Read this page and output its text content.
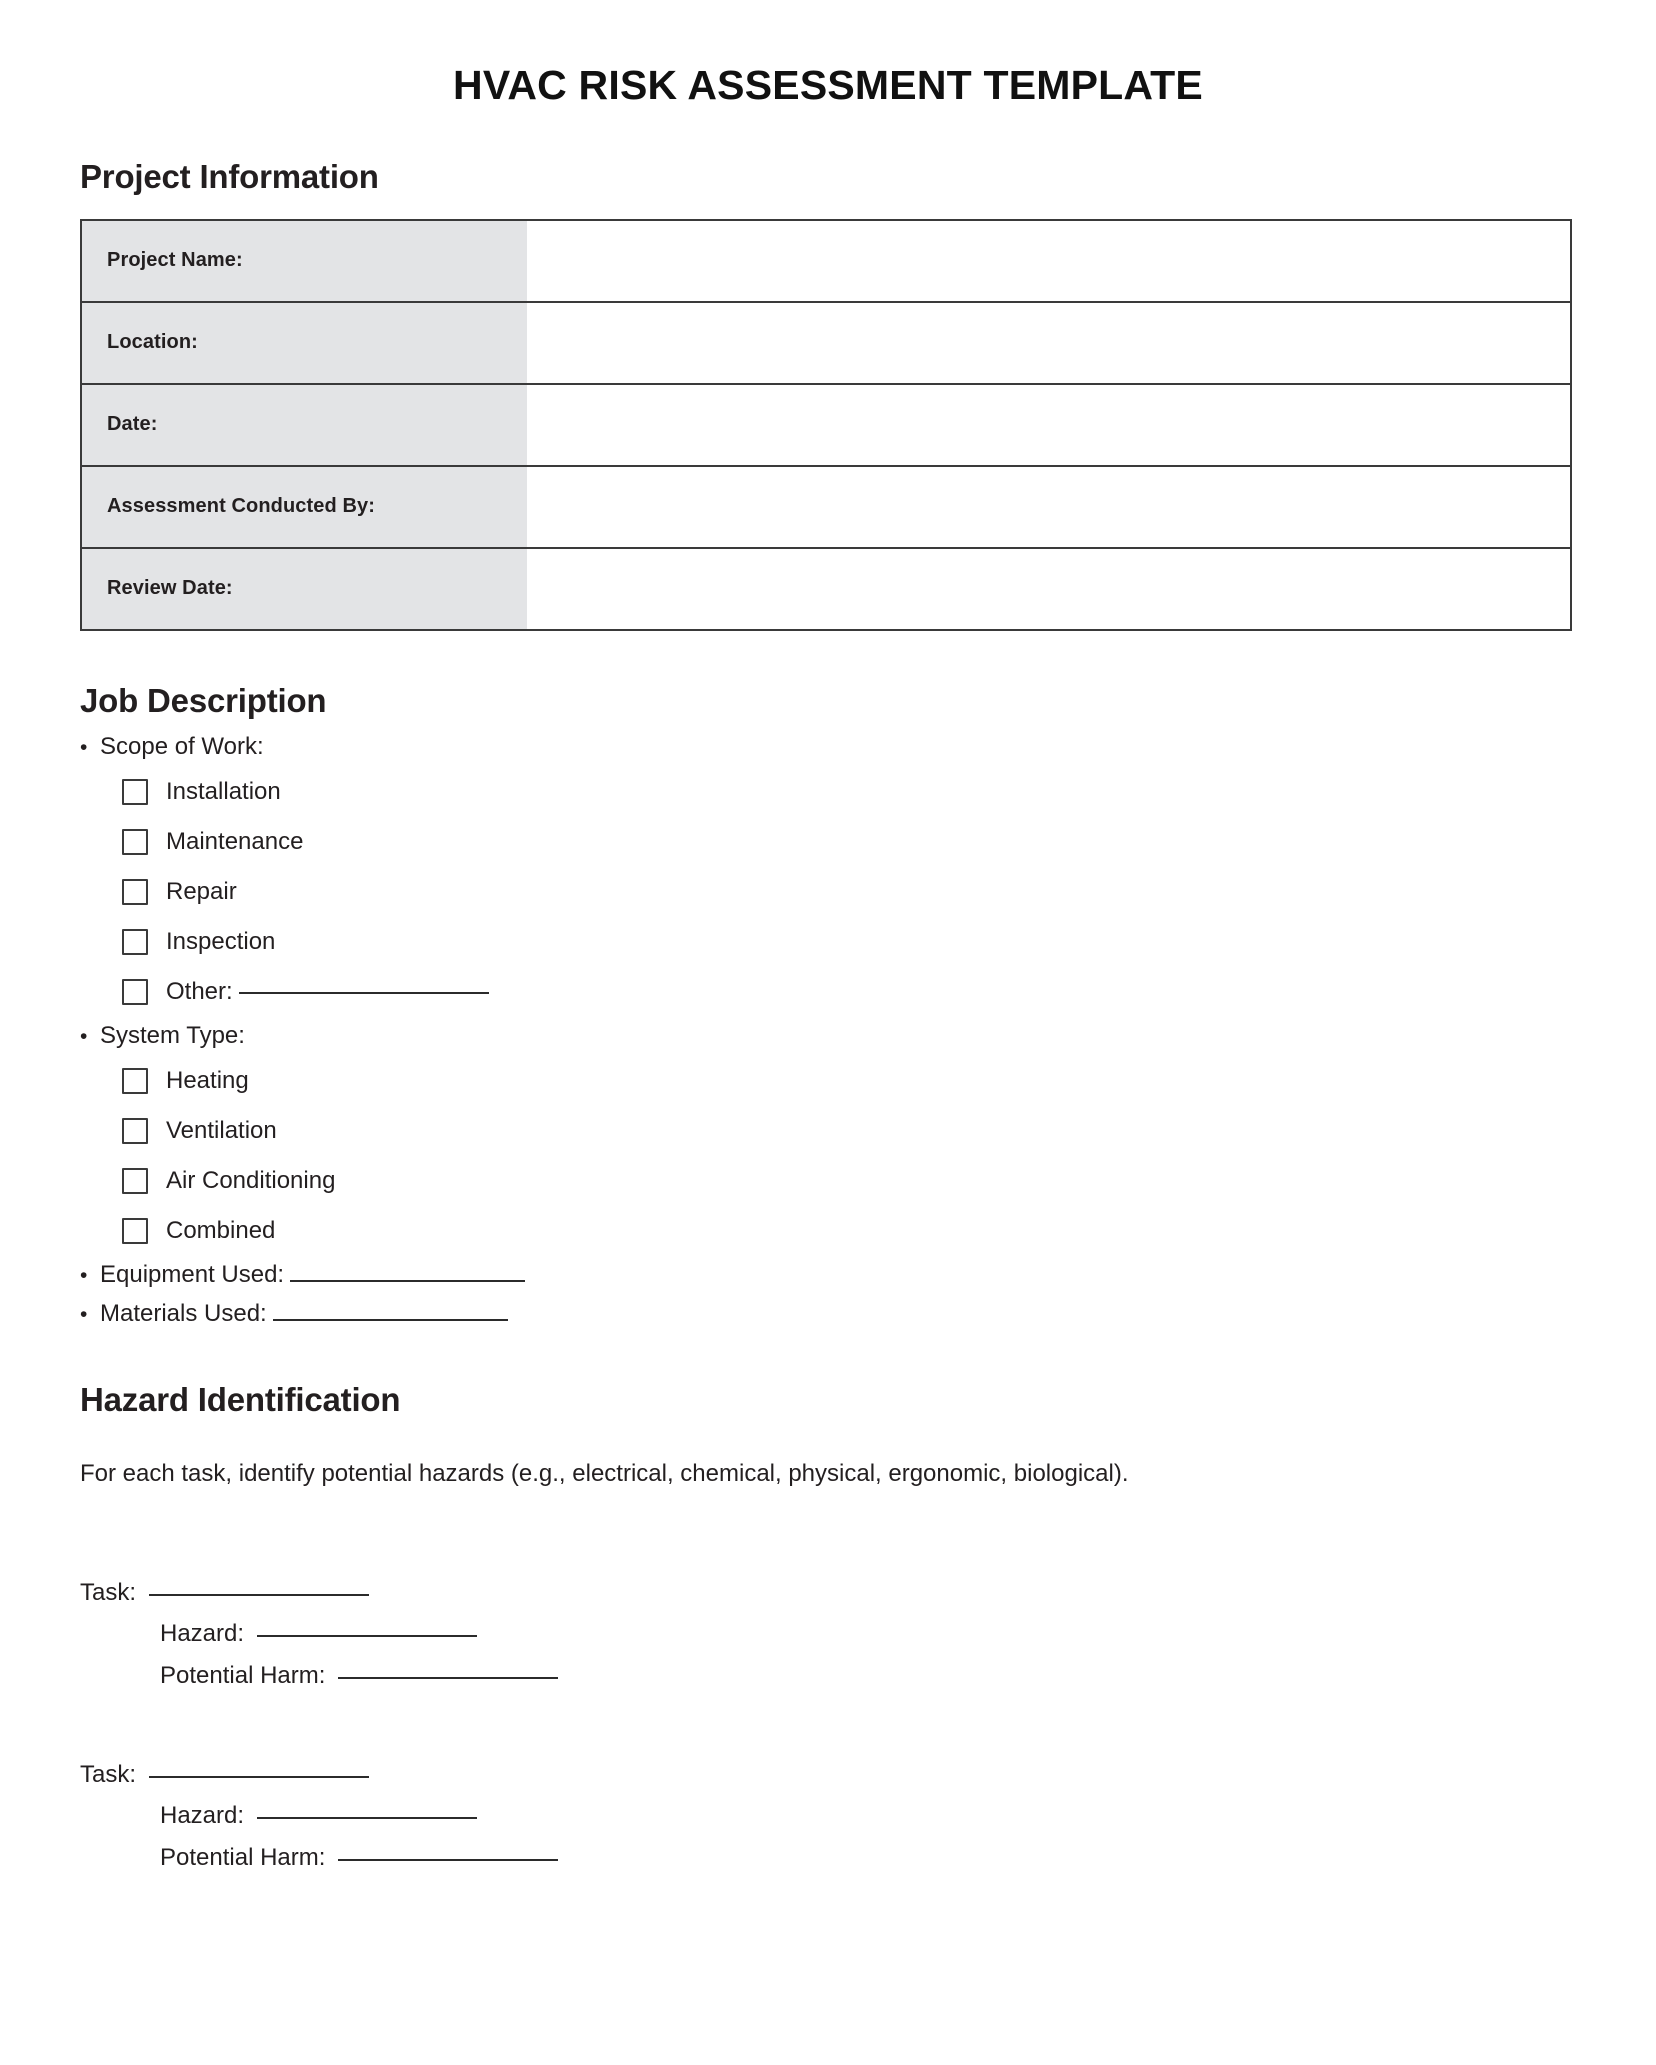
HVAC RISK ASSESSMENT TEMPLATE
Project Information
Project Name:	
Location:	
Date:	
Assessment Conducted By:	
Review Date:	
Job Description
• Scope of Work:
Installation
Maintenance
Repair
Inspection
Other:
• System Type:
Heating
Ventilation
Air Conditioning
Combined
• Equipment Used:
• Materials Used:
Hazard Identification

For each task, identify potential hazards (e.g., electrical, chemical, physical, ergonomic, biological).

Task:
Hazard:
Potential Harm:
Task:
Hazard:
Potential Harm:
